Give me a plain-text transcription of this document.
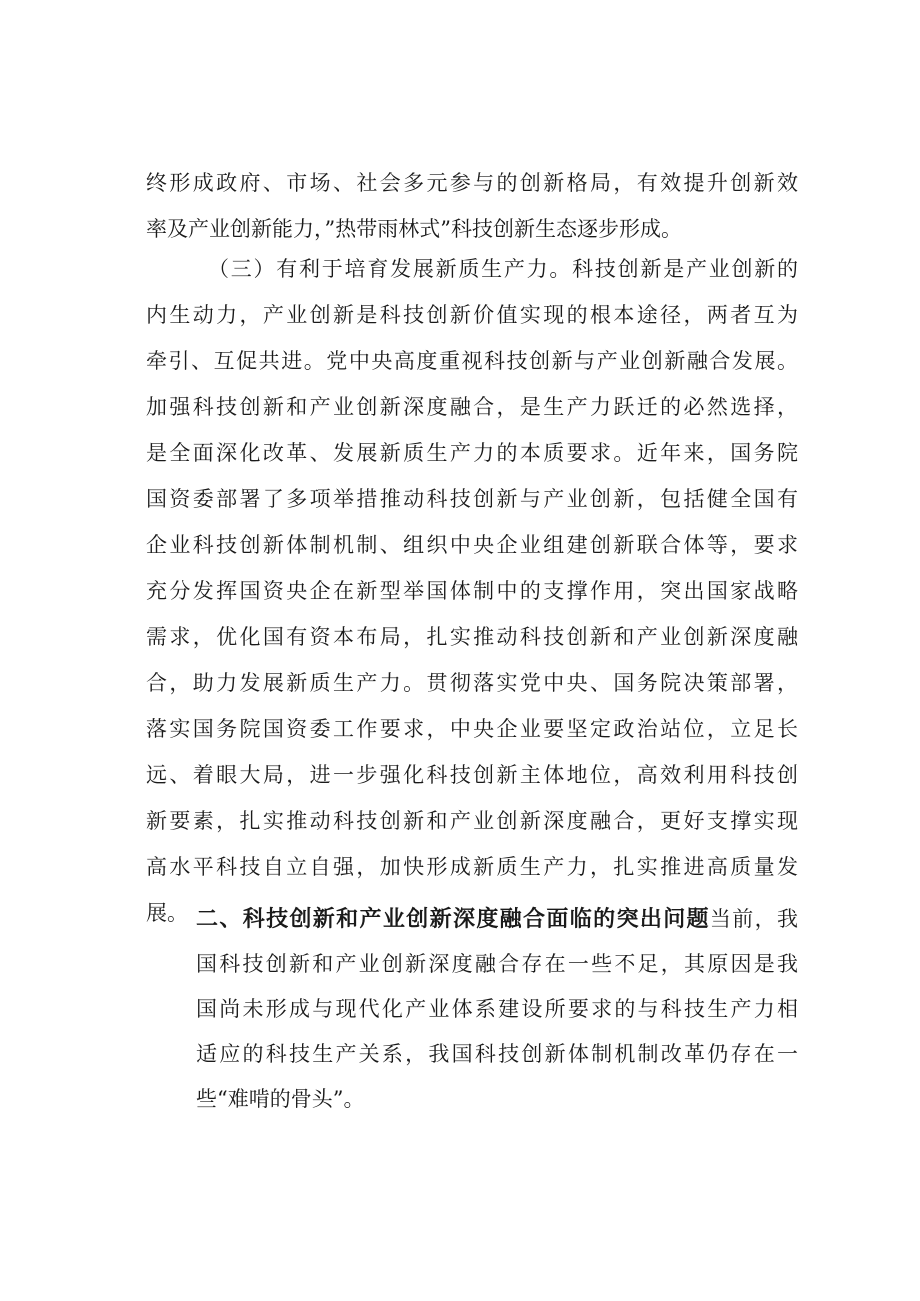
终形成政府、市场、社会多元参与的创新格局，有效提升创新效
率及产业创新能力，”热带雨林式”科技创新生态逐步形成。
（三）有利于培育发展新质生产力。科技创新是产业创新的
内生动力，产业创新是科技创新价值实现的根本途径，两者互为
牵引、互促共进。党中央高度重视科技创新与产业创新融合发展。
加强科技创新和产业创新深度融合，是生产力跃迁的必然选择，
是全面深化改革、发展新质生产力的本质要求。近年来，国务院
国资委部署了多项举措推动科技创新与产业创新，包括健全国有
企业科技创新体制机制、组织中央企业组建创新联合体等，要求
充分发挥国资央企在新型举国体制中的支撑作用，突出国家战略
需求，优化国有资本布局，扎实推动科技创新和产业创新深度融
合，助力发展新质生产力。贯彻落实党中央、国务院决策部署，
落实国务院国资委工作要求，中央企业要坚定政治站位，立足长
远、着眼大局，进一步强化科技创新主体地位，高效利用科技创
新要素，扎实推动科技创新和产业创新深度融合，更好支撑实现
高水平科技自立自强，加快形成新质生产力，扎实推进高质量发
展。 二、科技创新和产业创新深度融合面临的突出问题当前，我
国科技创新和产业创新深度融合存在一些不足，其原因是我
国尚未形成与现代化产业体系建设所要求的与科技生产力相
适应的科技生产关系，我国科技创新体制机制改革仍存在一
些“难啃的骨头”。
